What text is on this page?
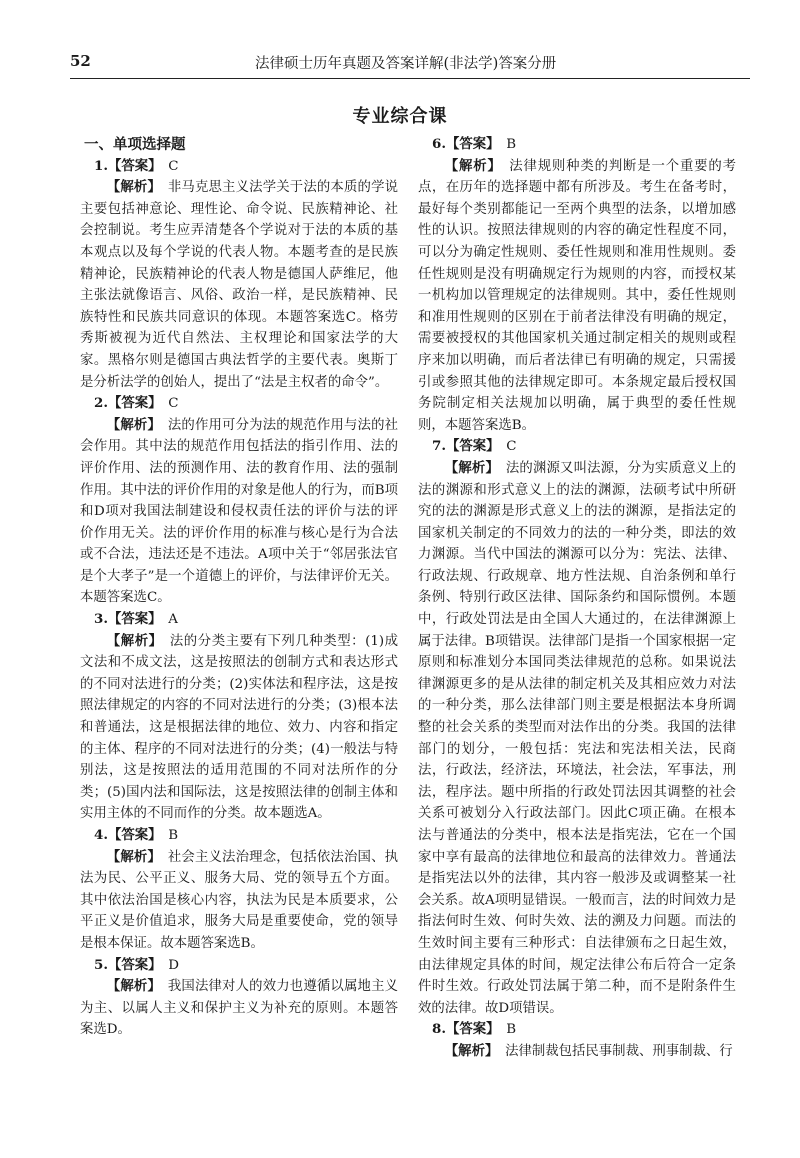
52	法律硕士历年真题及答案详解(非法学)答案分册
专业综合课

一、单项选择题

1.【答案】  C

【解析】  非马克思主义法学关于法的本质的学说主要包括神意论、理性论、命令说、民族精神论、社会控制说。考生应弄清楚各个学说对于法的本质的基本观点以及每个学说的代表人物。本题考查的是民族精神论，民族精神论的代表人物是德国人萨维尼，他主张法就像语言、风俗、政治一样，是民族精神、民族特性和民族共同意识的体现。本题答案选C。格劳秀斯被视为近代自然法、主权理论和国家法学的大家。黑格尔则是德国古典法哲学的主要代表。奥斯丁是分析法学的创始人，提出了“法是主权者的命令”。

2.【答案】  C

【解析】  法的作用可分为法的规范作用与法的社会作用。其中法的规范作用包括法的指引作用、法的评价作用、法的预测作用、法的教育作用、法的强制作用。其中法的评价作用的对象是他人的行为，而B项和D项对我国法制建设和侵权责任法的评价与法的评价作用无关。法的评价作用的标准与核心是行为合法或不合法，违法还是不违法。A项中关于“邻居张法官是个大孝子”是一个道德上的评价，与法律评价无关。本题答案选C。

3.【答案】  A

【解析】  法的分类主要有下列几种类型：(1)成文法和不成文法，这是按照法的创制方式和表达形式的不同对法进行的分类；(2)实体法和程序法，这是按照法律规定的内容的不同对法进行的分类；(3)根本法和普通法，这是根据法律的地位、效力、内容和指定的主体、程序的不同对法进行的分类；(4)一般法与特别法，这是按照法的适用范围的不同对法所作的分类；(5)国内法和国际法，这是按照法律的创制主体和实用主体的不同而作的分类。故本题选A。

4.【答案】  B

【解析】  社会主义法治理念，包括依法治国、执法为民、公平正义、服务大局、党的领导五个方面。其中依法治国是核心内容，执法为民是本质要求，公平正义是价值追求，服务大局是重要使命，党的领导是根本保证。故本题答案选B。

5.【答案】  D

【解析】  我国法律对人的效力也遵循以属地主义为主、以属人主义和保护主义为补充的原则。本题答案选D。

6.【答案】  B

【解析】  法律规则种类的判断是一个重要的考点，在历年的选择题中都有所涉及。考生在备考时，最好每个类别都能记一至两个典型的法条，以增加感性的认识。按照法律规则的内容的确定性程度不同，可以分为确定性规则、委任性规则和准用性规则。委任性规则是没有明确规定行为规则的内容，而授权某一机构加以管理规定的法律规则。其中，委任性规则和准用性规则的区别在于前者法律没有明确的规定，需要被授权的其他国家机关通过制定相关的规则或程序来加以明确，而后者法律已有明确的规定，只需援引或参照其他的法律规定即可。本条规定最后授权国务院制定相关法规加以明确，属于典型的委任性规则，本题答案选B。

7.【答案】  C

【解析】  法的渊源又叫法源，分为实质意义上的法的渊源和形式意义上的法的渊源，法硕考试中所研究的法的渊源是形式意义上的法的渊源，是指法定的国家机关制定的不同效力的法的一种分类，即法的效力渊源。当代中国法的渊源可以分为：宪法、法律、行政法规、行政规章、地方性法规、自治条例和单行条例、特别行政区法律、国际条约和国际惯例。本题中，行政处罚法是由全国人大通过的，在法律渊源上属于法律。B项错误。法律部门是指一个国家根据一定原则和标准划分本国同类法律规范的总称。如果说法律渊源更多的是从法律的制定机关及其相应效力对法的一种分类，那么法律部门则主要是根据法本身所调整的社会关系的类型而对法作出的分类。我国的法律部门的划分，一般包括：宪法和宪法相关法，民商法，行政法，经济法，环境法，社会法，军事法，刑法，程序法。题中所指的行政处罚法因其调整的社会关系可被划分入行政法部门。因此C项正确。在根本法与普通法的分类中，根本法是指宪法，它在一个国家中享有最高的法律地位和最高的法律效力。普通法是指宪法以外的法律，其内容一般涉及或调整某一社会关系。故A项明显错误。一般而言，法的时间效力是指法何时生效、何时失效、法的溯及力问题。而法的生效时间主要有三种形式：自法律颁布之日起生效，由法律规定具体的时间，规定法律公布后符合一定条件时生效。行政处罚法属于第二种，而不是附条件生效的法律。故D项错误。

8.【答案】  B

【解析】  法律制裁包括民事制裁、刑事制裁、行
